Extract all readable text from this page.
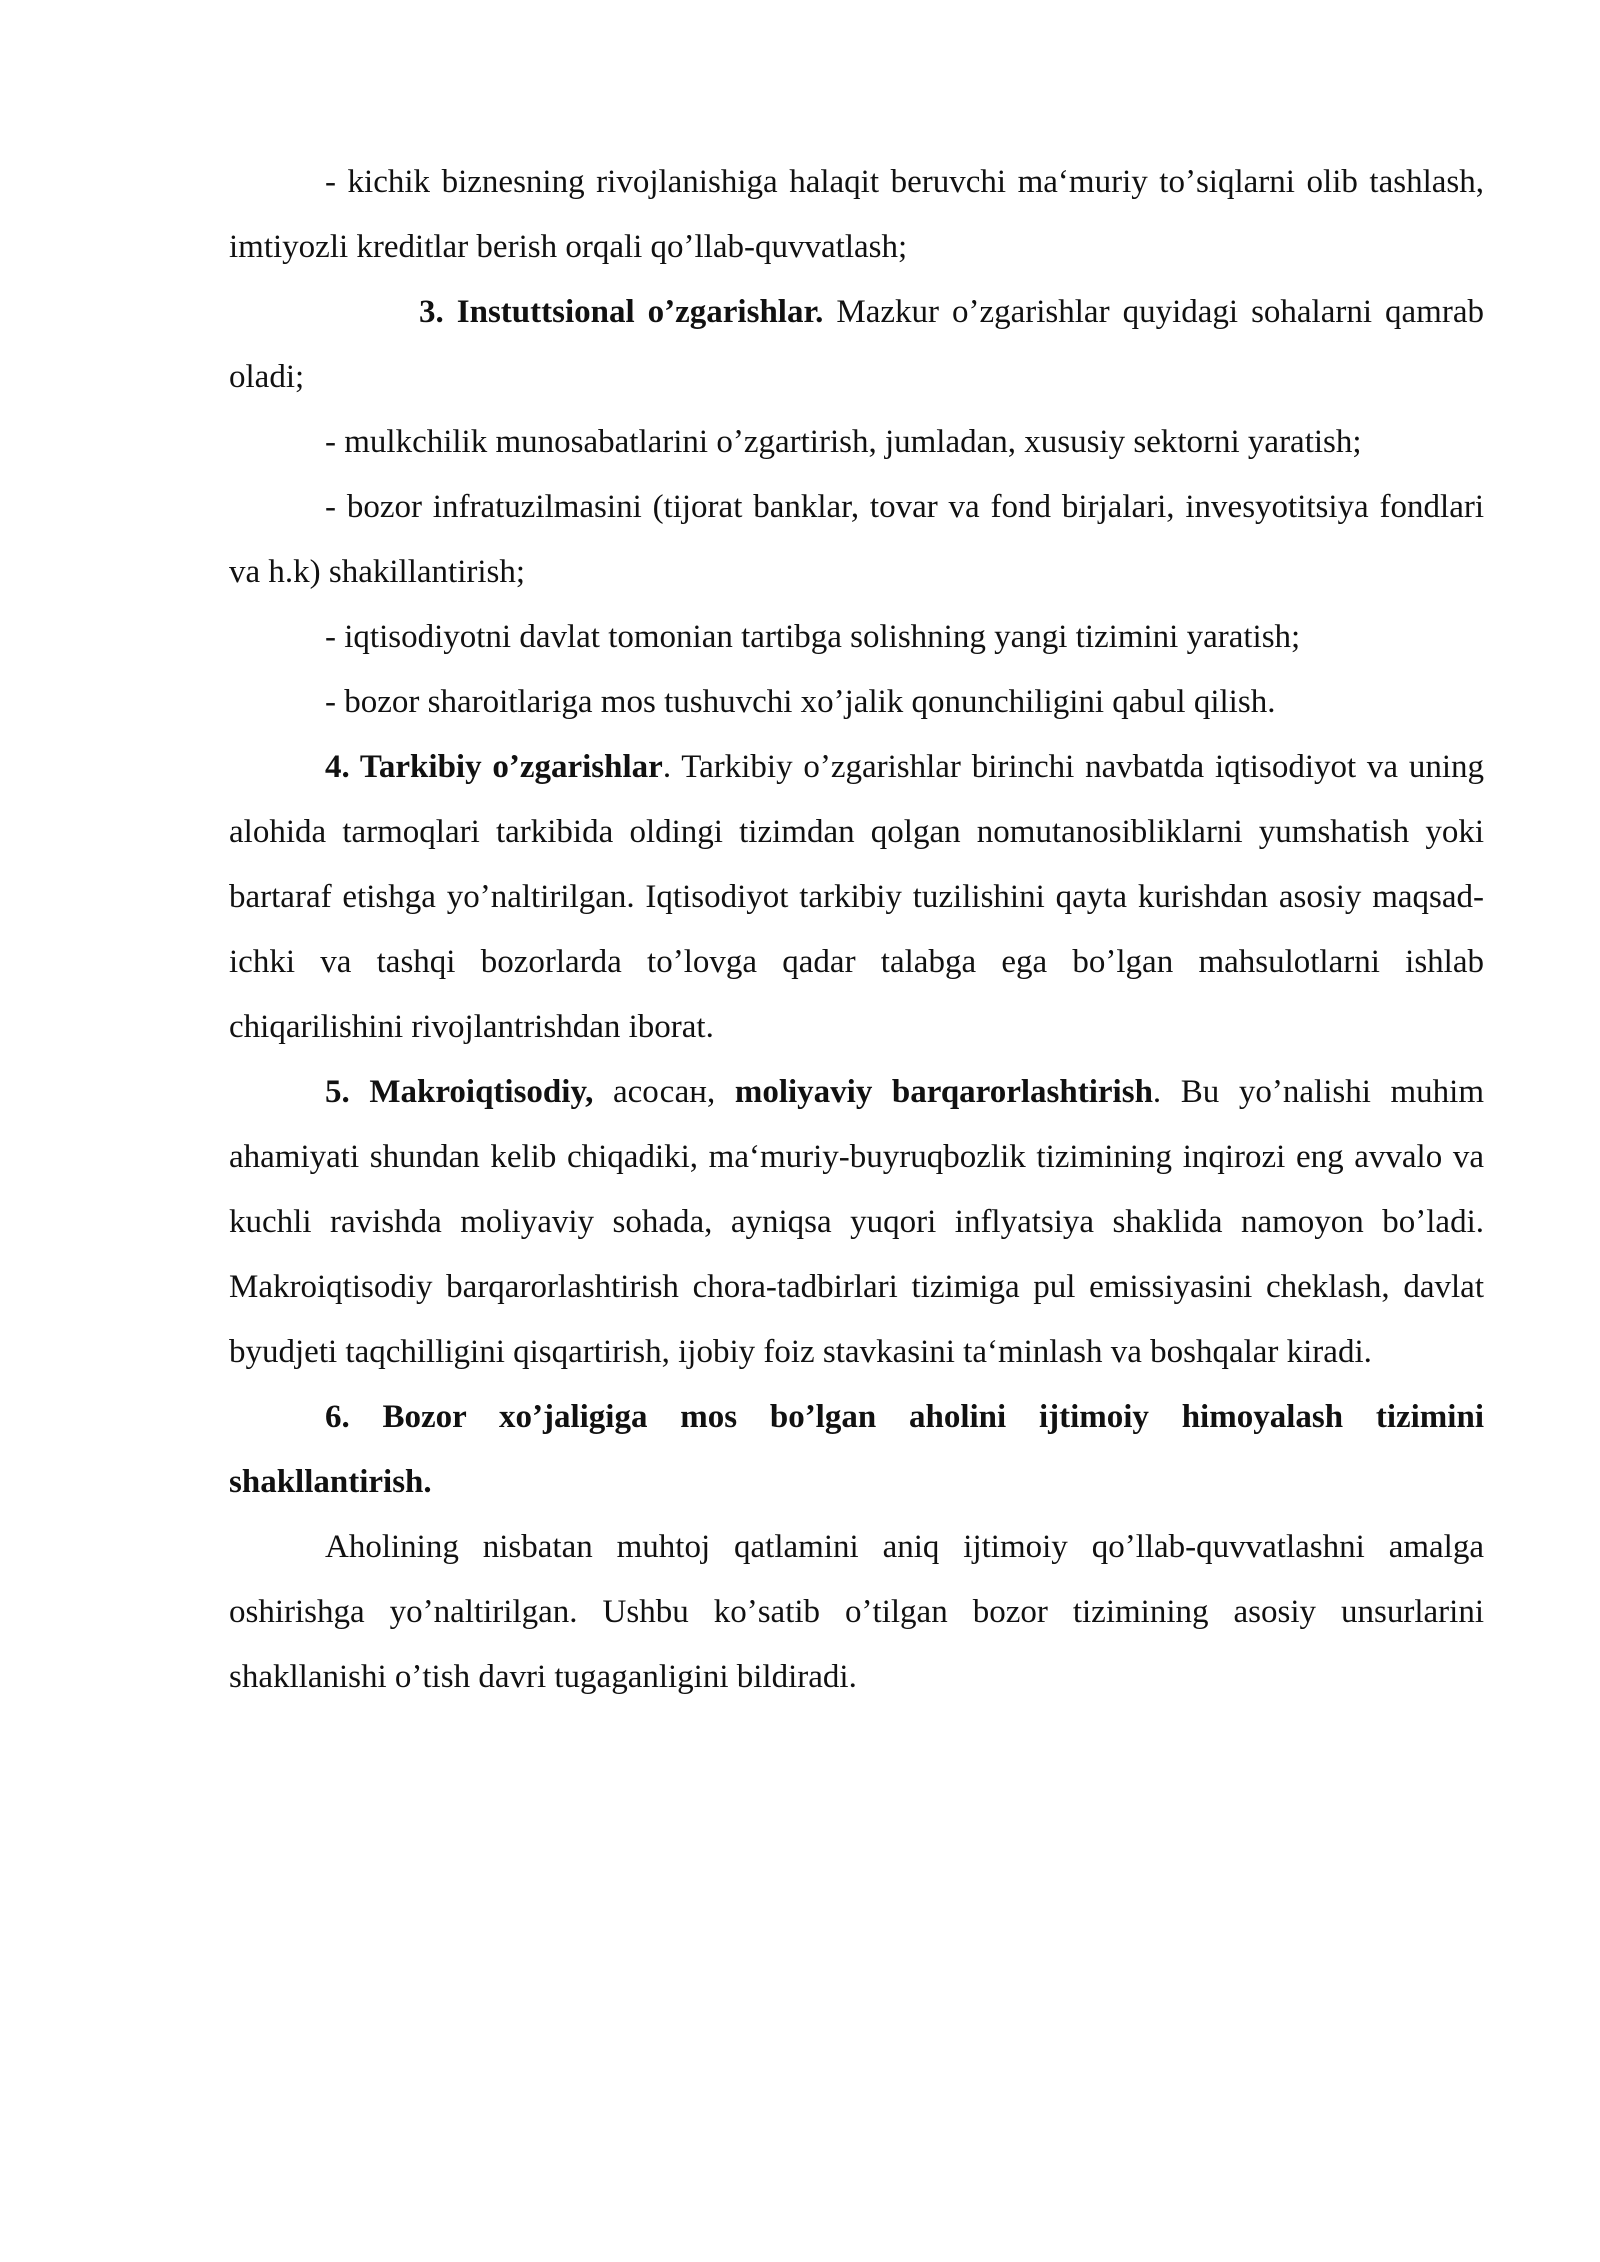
- kichik biznesning rivojlanishiga halaqit beruvchi maʻmuriy toʼsiqlarni olib tashlash, imtiyozli kreditlar berish orqali qoʼllab-quvvatlash;

3. Instuttsional oʼzgarishlar. Mazkur oʼzgarishlar quyidagi sohalarni qamrab oladi;

- mulkchilik munosabatlarini oʼzgartirish, jumladan, xususiy sektorni yaratish;

- bozor infratuzilmasini (tijorat banklar, tovar va fond birjalari, invesyotitsiya fondlari va h.k) shakillantirish;

- iqtisodiyotni davlat tomonian tartibga solishning yangi tizimini yaratish;

- bozor sharoitlariga mos tushuvchi xoʼjalik qonunchiligini qabul qilish.

4. Tarkibiy oʼzgarishlar. Tarkibiy oʼzgarishlar birinchi navbatda iqtisodiyot va uning alohida tarmoqlari tarkibida oldingi tizimdan qolgan nomutanosibliklarni yumshatish yoki bartaraf etishga yoʼnaltirilgan. Iqtisodiyot tarkibiy tuzilishini qayta kurishdan asosiy maqsad-ichki va tashqi bozorlarda toʼlovga qadar talabga ega boʼlgan mahsulotlarni ishlab chiqarilishini rivojlantrishdan iborat.

5. Makroiqtisodiy, асосан, moliyaviy barqarorlashtirish. Bu yoʼnalishi muhim ahamiyati shundan kelib chiqadiki, maʻmuriy-buyruqbozlik tizimining inqirozi eng avvalo va kuchli ravishda moliyaviy sohada, ayniqsa yuqori inflyatsiya shaklida namoyon boʼladi. Makroiqtisodiy barqarorlashtirish chora-tadbirlari tizimiga pul emissiyasini cheklash, davlat byudjeti taqchilligini qisqartirish, ijobiy foiz stavkasini taʻminlash va boshqalar kiradi.

6. Bozor xoʼjaligiga mos boʼlgan aholini ijtimoiy himoyalash tizimini shakllantirish.

Aholining nisbatan muhtoj qatlamini aniq ijtimoiy qoʼllab-quvvatlashni amalga oshirishga yoʼnaltirilgan. Ushbu koʼsatib oʼtilgan bozor tizimining asosiy unsurlarini shakllanishi oʼtish davri tugaganligini bildiradi.
